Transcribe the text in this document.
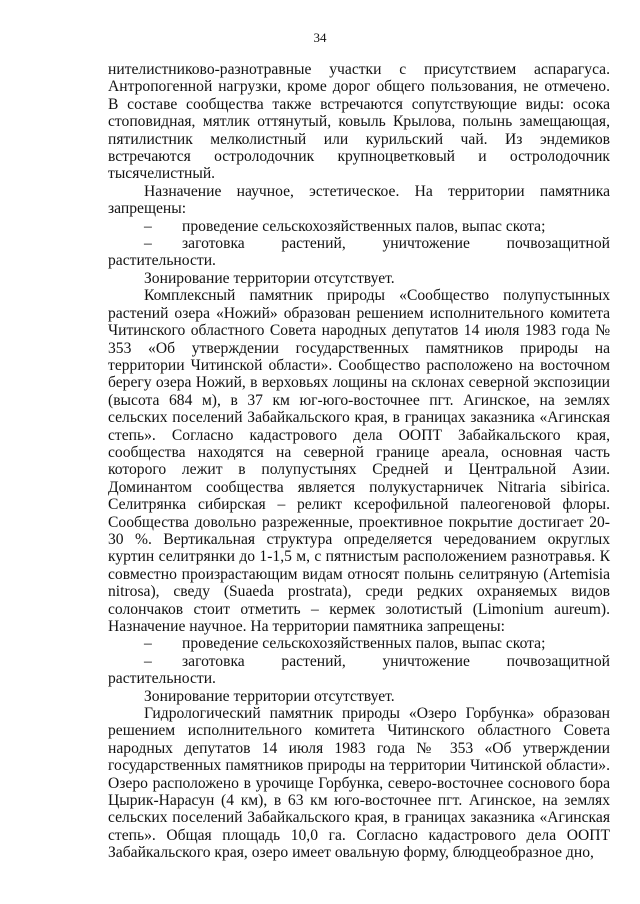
34

нителистниково-разнотравные участки с присутствием аспарагуса. Антропогенной нагрузки, кроме дорог общего пользования, не отмечено. В составе сообщества также встречаются сопутствующие виды: осока стоповидная, мятлик оттянутый, ковыль Крылова, полынь замещающая, пятилистник мелколистный или курильский чай. Из эндемиков встречаются остролодочник крупноцветковый и остролодочник тысячелистный.

Назначение научное, эстетическое. На территории памятника запрещены:

–	проведение сельскохозяйственных палов, выпас скота;

– заготовка растений, уничтожение почвозащитной растительности.

Зонирование территории отсутствует.

Комплексный памятник природы «Сообщество полупустынных растений озера «Ножий» образован решением исполнительного комитета Читинского областного Совета народных депутатов 14 июля 1983 года № 353 «Об утверждении государственных памятников природы на территории Читинской области». Сообщество расположено на восточном берегу озера Ножий, в верховьях лощины на склонах северной экспозиции (высота 684 м), в 37 км юг-юго-восточнее пгт. Агинское, на землях сельских поселений Забайкальского края, в границах заказника «Агинская степь». Согласно кадастрового дела ООПТ Забайкальского края, сообщества находятся на северной границе ареала, основная часть которого лежит в полупустынях Средней и Центральной Азии. Доминантом сообщества является полукустарничек Nitraria sibirica. Селитрянка сибирская – реликт ксерофильной палеогеновой флоры. Сообщества довольно разреженные, проективное покрытие достигает 20-30 %. Вертикальная структура определяется чередованием округлых куртин селитрянки до 1-1,5 м, с пятнистым расположением разнотравья. К совместно произрастающим видам относят полынь селитряную (Artemisia nitrosa), сведу (Suaeda prostrata), среди редких охраняемых видов солончаков стоит отметить – кермек золотистый (Limonium aureum). Назначение научное. На территории памятника запрещены:

–	проведение сельскохозяйственных палов, выпас скота;

– заготовка растений, уничтожение почвозащитной растительности.

Зонирование территории отсутствует.

Гидрологический памятник природы «Озеро Горбунка» образован решением исполнительного комитета Читинского областного Совета народных депутатов 14 июля 1983 года № 353 «Об утверждении государственных памятников природы на территории Читинской области». Озеро расположено в урочище Горбунка, северо-восточнее соснового бора Цырик-Нарасун (4 км), в 63 км юго-восточнее пгт. Агинское, на землях сельских поселений Забайкальского края, в границах заказника «Агинская степь». Общая площадь 10,0 га. Согласно кадастрового дела ООПТ Забайкальского края, озеро имеет овальную форму, блюдцеобразное дно,
